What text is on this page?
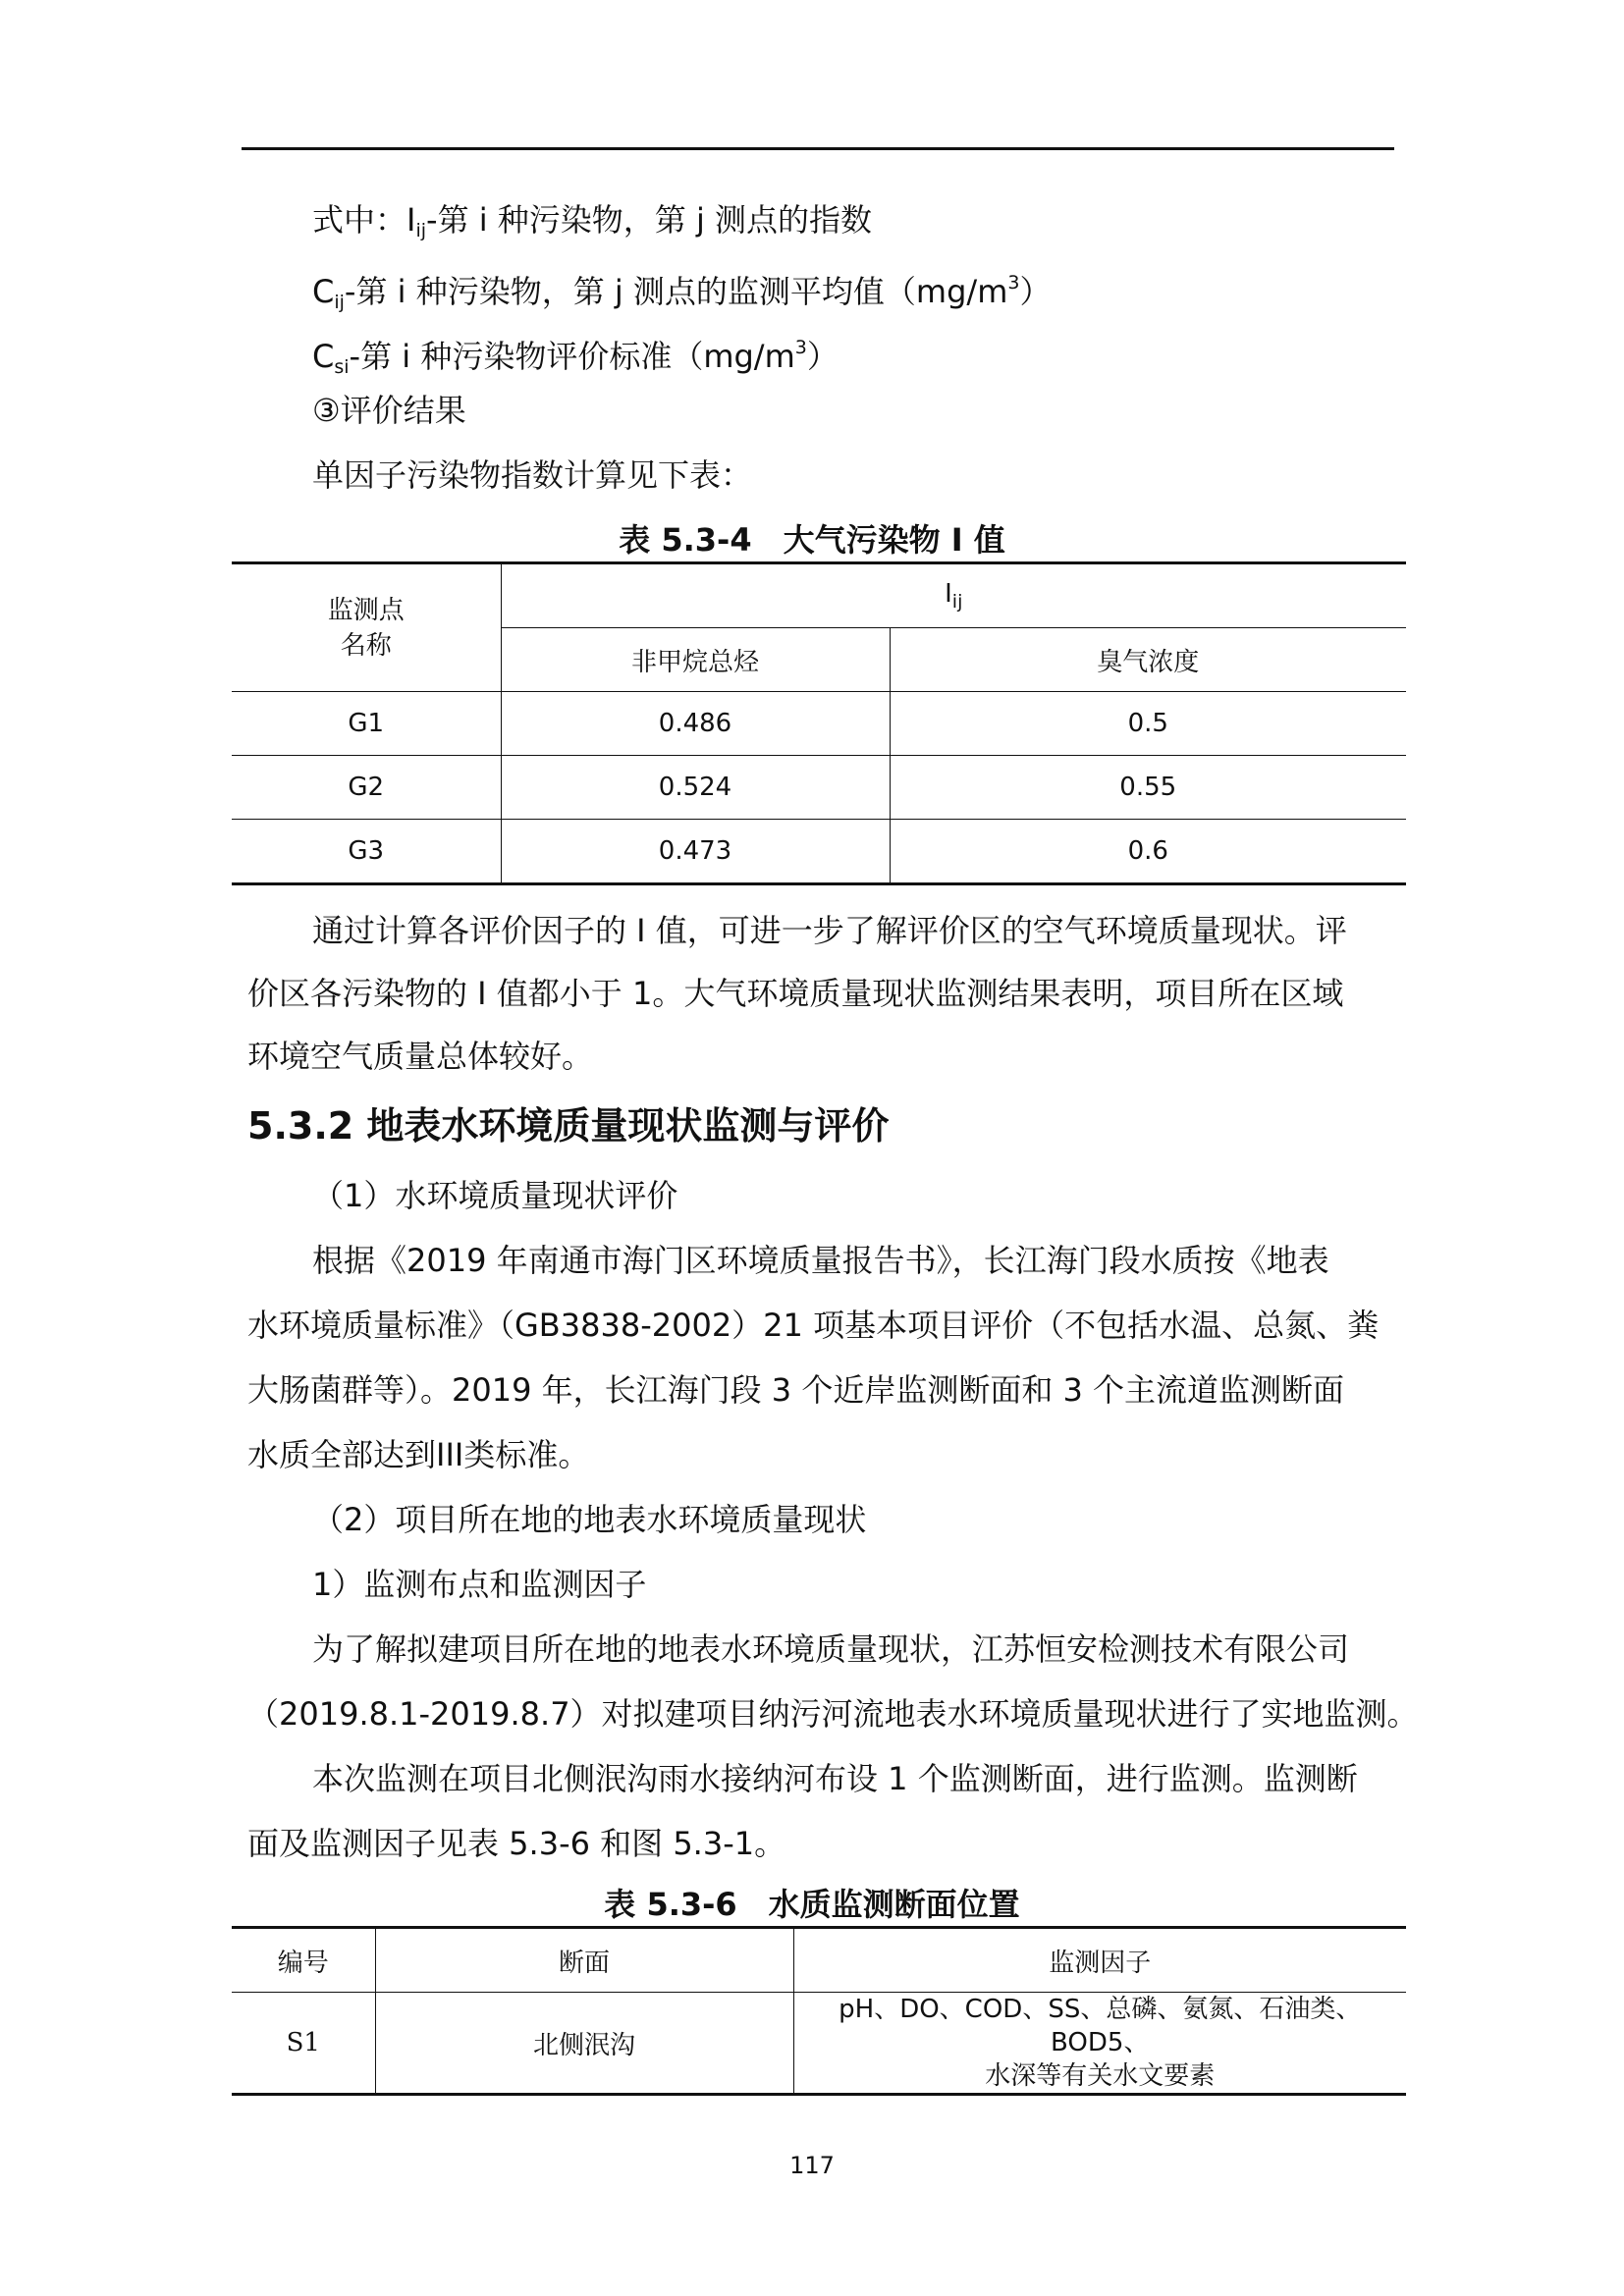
式中：$I_{ij}-$第 i 种污染物，第 j 测点的指数
$C_{ij}-$第 i 种污染物，第 j 测点的监测平均值$(mg/m^3)$
$C_{si}-$第 i 种污染物评价标准$(mg/m^3)$
③评价结果
单因子污染物指数计算见下表：
表 5.3-4　大气污染物 I 值
监测点
名称	$I_{ij}$
	非甲烷总烃	臭气浓度
G1	0.486	0.5
G2	0.524	0.55
G3	0.473	0.6
通过计算各评价因子的 I 值，可进一步了解评价区的空气环境质量现状。评
价区各污染物的 I 值都小于 1。大气环境质量现状监测结果表明，项目所在区域
环境空气质量总体较好。
5.3.2 地表水环境质量现状监测与评价
（1）水环境质量现状评价
根据《2019 年南通市海门区环境质量报告书》，长江海门段水质按《地表
水环境质量标准》（GB3838-2002）21 项基本项目评价（不包括水温、总氮、粪
大肠菌群等）。2019 年，长江海门段 3 个近岸监测断面和 3 个主流道监测断面
水质全部达到III类标准。
（2）项目所在地的地表水环境质量现状
1）监测布点和监测因子
为了解拟建项目所在地的地表水环境质量现状，江苏恒安检测技术有限公司
（2019.8.1-2019.8.7）对拟建项目纳污河流地表水环境质量现状进行了实地监测。
本次监测在项目北侧泯沟雨水接纳河布设 1 个监测断面，进行监测。监测断
面及监测因子见表 5.3-6 和图 5.3-1。
表 5.3-6　水质监测断面位置
编号	断面	监测因子
S1	北侧泯沟	pH、DO、COD、SS、总磷、氨氮、石油类、BOD5、
水深等有关水文要素
117
